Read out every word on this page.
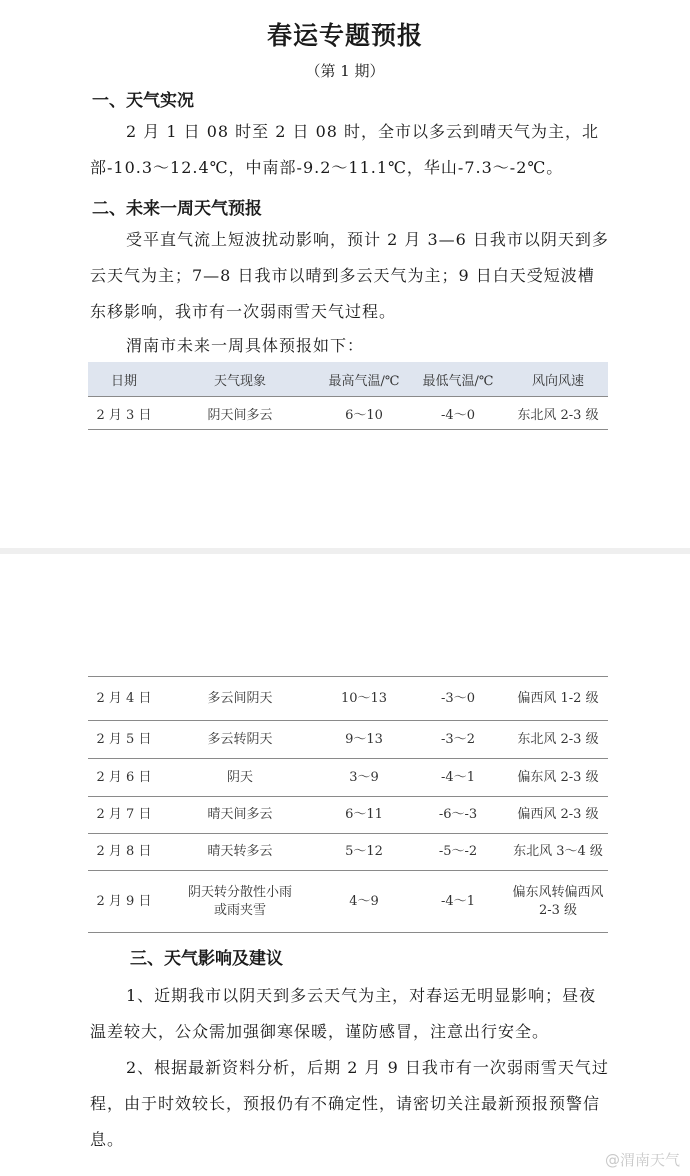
春运专题预报
（第 1 期）
一、天气实况
2 月 1 日 08 时至 2 日 08 时，全市以多云到晴天气为主，北部-10.3～12.4℃，中南部-9.2～11.1℃，华山-7.3～-2℃。
二、未来一周天气预报
受平直气流上短波扰动影响，预计 2 月 3—6 日我市以阴天到多云天气为主；7—8 日我市以晴到多云天气为主；9 日白天受短波槽东移影响，我市有一次弱雨雪天气过程。
渭南市未来一周具体预报如下：
日期	天气现象	最高气温/℃	最低气温/℃	风向风速
2 月 3 日	阴天间多云	6～10	-4～0	东北风 2-3 级
2 月 4 日	多云间阴天	10～13	-3～0	偏西风 1-2 级
2 月 5 日	多云转阴天	9～13	-3～2	东北风 2-3 级
2 月 6 日	阴天	3～9	-4～1	偏东风 2-3 级
2 月 7 日	晴天间多云	6～11	-6～-3	偏西风 2-3 级
2 月 8 日	晴天转多云	5～12	-5～-2	东北风 3～4 级
2 月 9 日	阴天转分散性小雨或雨夹雪	4～9	-4～1	偏东风转偏西风 2-3 级
三、天气影响及建议
1、近期我市以阴天到多云天气为主，对春运无明显影响；昼夜温差较大，公众需加强御寒保暖，谨防感冒，注意出行安全。
2、根据最新资料分析，后期 2 月 9 日我市有一次弱雨雪天气过程，由于时效较长，预报仍有不确定性，请密切关注最新预报预警信息。
@渭南天气
